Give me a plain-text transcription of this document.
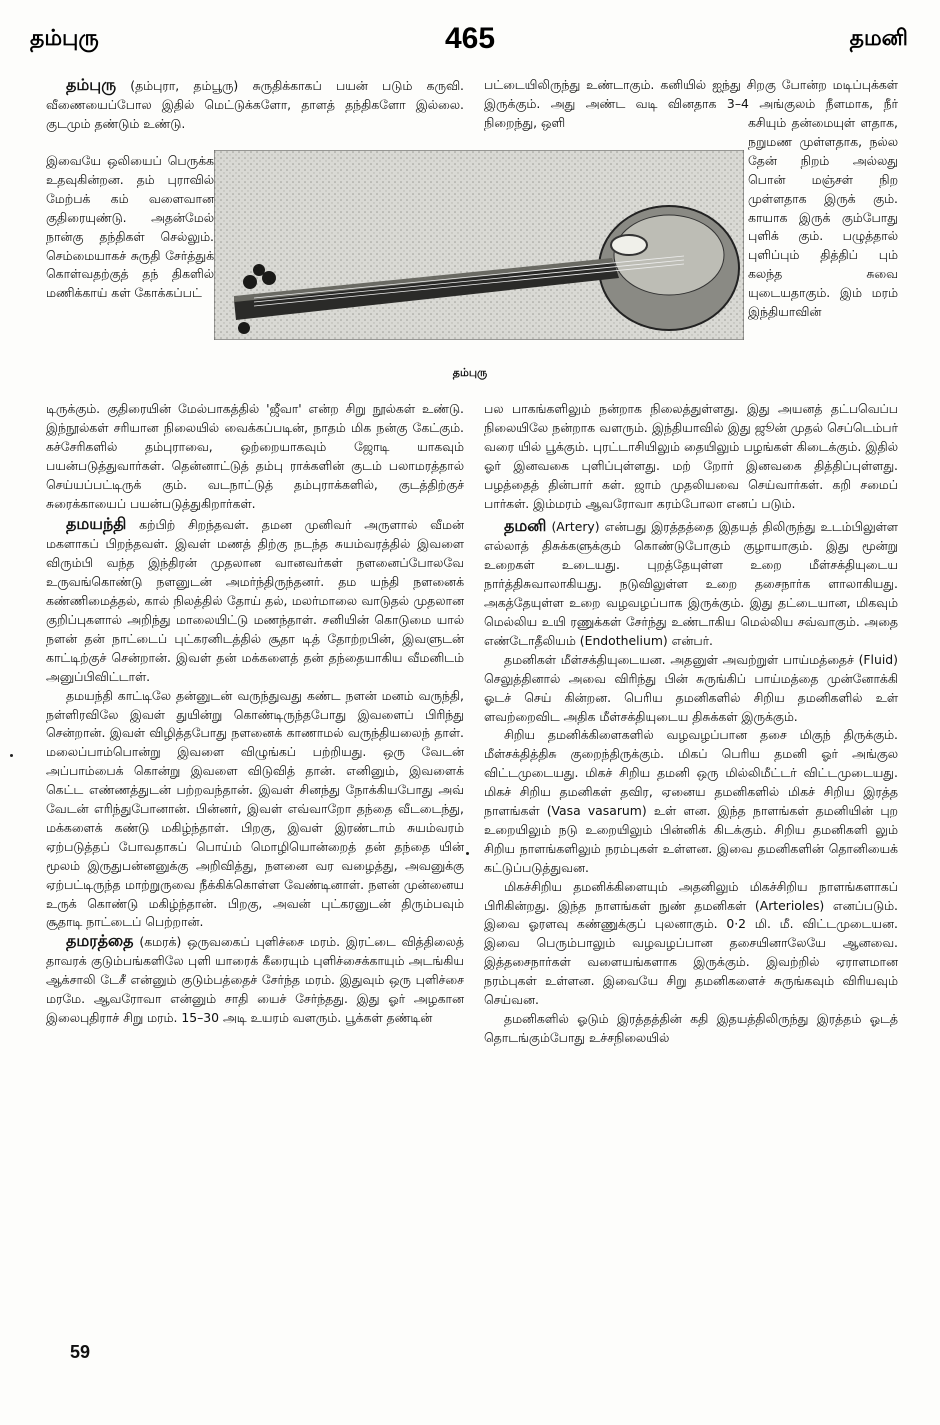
தம்புரு	465	தமனி

தம்புரு (தம்புரா, தம்பூரு) சுருதிக்காகப் பயன் படும் கருவி. வீணையைப்போல இதில் மெட்டுக்களோ, தாளத் தந்திகளோ இல்லை. குடமும் தண்டும் உண்டு.

இவையே ஒலியைப் பெருக்க உதவுகின்றன. தம் புராவில் மேற்பக் கம் வளைவான குதிரையுண்டு. அதன்மேல் நான்கு தந்திகள் செல்லும். செம்மையாகச் சுருதி சேர்த்துக் கொள்வதற்குத் தந் திகளில் மணிக்காய் கள் கோக்கப்பட்

தம்புரு

டிருக்கும். குதிரையின் மேல்பாகத்தில் 'ஜீவா' என்ற சிறு நூல்கள் உண்டு. இந்நூல்கள் சரியான நிலையில் வைக்கப்படின், நாதம் மிக நன்கு கேட்கும். கச்சேரிகளில் தம்புராவை, ஒற்றையாகவும் ஜோடி யாகவும் பயன்படுத்துவார்கள். தென்னாட்டுத் தம்பு ராக்களின் குடம் பலாமரத்தால் செய்யப்பட்டிருக் கும். வடநாட்டுத் தம்புராக்களில், குடத்திற்குச் சுரைக்காயைப் பயன்படுத்துகிறார்கள்.

தமயந்தி கற்பிற் சிறந்தவள். தமன முனிவர் அருளால் வீமன் மகளாகப் பிறந்தவள். இவள் மணத் திற்கு நடந்த சுயம்வரத்தில் இவளை விரும்பி வந்த இந்திரன் முதலான வானவர்கள் நளனைப்போலவே உருவங்கொண்டு நளனுடன் அமர்ந்திருந்தனர். தம யந்தி நளனைக் கண்ணிமைத்தல், கால் நிலத்தில் தோய் தல், மலர்மாலை வாடுதல் முதலான குறிப்புகளால் அறிந்து மாலையிட்டு மணந்தாள். சனியின் கொடுமை யால் நளன் தன் நாட்டைப் புட்கரனிடத்தில் சூதா டித் தோற்றபின், இவளுடன் காட்டிற்குச் சென்றான். இவள் தன் மக்களைத் தன் தந்தையாகிய வீமனிடம் அனுப்பிவிட்டாள்.

தமயந்தி காட்டிலே தன்னுடன் வருந்துவது கண்ட நளன் மனம் வருந்தி, நள்ளிரவிலே இவள் துயின்று கொண்டிருந்தபோது இவளைப் பிரிந்து சென்றான். இவள் விழித்தபோது நளனைக் காணாமல் வருந்தியலைந் தாள். மலைப்பாம்பொன்று இவளை விழுங்கப் பற்றியது. ஒரு வேடன் அப்பாம்பைக் கொன்று இவளை விடுவித் தான். எனினும், இவளைக் கெட்ட எண்ணத்துடன் பற்றவந்தான். இவள் சினந்து நோக்கியபோது அவ் வேடன் எரிந்துபோனான். பின்னர், இவள் எவ்வாறோ தந்தை வீடடைந்து, மக்களைக் கண்டு மகிழ்ந்தாள். பிறகு, இவள் இரண்டாம் சுயம்வரம் ஏற்படுத்தப் போவதாகப் பொய்ம் மொழியொன்றைத் தன் தந்தை யின் மூலம் இருதுபன்னனுக்கு அறிவித்து, நளனை வர வழைத்து, அவனுக்கு ஏற்பட்டிருந்த மாற்றுருவை நீக்கிக்கொள்ள வேண்டினாள். நளன் முன்னைய உருக் கொண்டு மகிழ்ந்தான். பிறகு, அவன் புட்கரனுடன் திரும்பவும் சூதாடி நாட்டைப் பெற்றான்.

தமரத்தை (கமரக்) ஒருவகைப் புளிச்சை மரம். இரட்டை வித்திலைத் தாவரக் குடும்பங்களிலே புளி யாரைக் கீரையும் புளிச்சைக்காயும் அடங்கிய ஆக்சாலி டேசீ என்னும் குடும்பத்தைச் சேர்ந்த மரம். இதுவும் ஒரு புளிச்சை மரமே. ஆவரோவா என்னும் சாதி யைச் சேர்ந்தது. இது ஓர் அழகான இலைபுதிராச் சிறு மரம். 15–30 அடி உயரம் வளரும். பூக்கள் தண்டின்

பட்டையிலிருந்து உண்டாகும். கனியில் ஐந்து சிறகு போன்ற மடிப்புக்கள் இருக்கும். அது அண்ட வடி வினதாக 3–4 அங்குலம் நீளமாக, நீர் நிறைந்து, ஒளி	கசியும் தன்மையுள் ளதாக, நறுமண முள்ளதாக, நல்ல தேன் நிறம் அல்லது பொன் மஞ்சள் நிற முள்ளதாக இருக் கும். காயாக இருக் கும்போது புளிக் கும். பழுத்தால் புளிப்பும் தித்திப் பும் கலந்த சுவை யுடையதாகும். இம் மரம் இந்தியாவின்

பல பாகங்களிலும் நன்றாக நிலைத்துள்ளது. இது அயனத் தட்பவெப்ப நிலையிலே நன்றாக வளரும். இந்தியாவில் இது ஜூன் முதல் செப்டெம்பர் வரை யில் பூக்கும். புரட்டாசியிலும் தையிலும் பழங்கள் கிடைக்கும். இதில் ஓர் இனவகை புளிப்புள்ளது. மற் றோர் இனவகை தித்திப்புள்ளது. பழத்தைத் தின்பார் கள். ஜாம் முதலியவை செய்வார்கள். கறி சமைப் பார்கள். இம்மரம் ஆவரோவா கரம்போலா எனப் படும்.

தமனி (Artery) என்பது இரத்தத்தை இதயத் திலிருந்து உடம்பிலுள்ள எல்லாத் திசுக்களுக்கும் கொண்டுபோகும் குழாயாகும். இது மூன்று உறைகள் உடையது. புறத்தேயுள்ள உறை மீள்சக்தியுடைய நார்த்திசுவாலாகியது. நடுவிலுள்ள உறை தசைநார்க ளாலாகியது. அகத்தேயுள்ள உறை வழவழப்பாக இருக்கும். இது தட்டையான, மிகவும் மெல்லிய உயி ரணுக்கள் சேர்ந்து உண்டாகிய மெல்லிய சவ்வாகும். அதை எண்டோதீலியம் (Endothelium) என்பர்.

தமனிகள் மீள்சக்தியுடையன. அதனுள் அவற்றுள் பாய்மத்தைச் (Fluid) செலுத்தினால் அவை விரிந்து பின் சுருங்கிப் பாய்மத்தை முன்னோக்கி ஓடச் செய் கின்றன. பெரிய தமனிகளில் சிறிய தமனிகளில் உள் ளவற்றைவிட அதிக மீள்சக்தியுடைய திசுக்கள் இருக்கும்.

சிறிய தமனிக்கிளைகளில் வழவழப்பான தசை மிகுந் திருக்கும். மீள்சக்தித்திசு குறைந்திருக்கும். மிகப் பெரிய தமனி ஓர் அங்குல விட்டமுடையது. மிகச் சிறிய தமனி ஒரு மில்லிமீட்டர் விட்டமுடையது. மிகச் சிறிய தமனிகள் தவிர, ஏனைய தமனிகளில் மிகச் சிறிய இரத்த நாளங்கள் (Vasa vasarum) உள் ளன. இந்த நாளங்கள் தமனியின் புற உறையிலும் நடு உறையிலும் பின்னிக் கிடக்கும். சிறிய தமனிகளி லும் சிறிய நாளங்களிலும் நரம்புகள் உள்ளன. இவை தமனிகளின் தொனியைக் கட்டுப்படுத்துவன.

மிகச்சிறிய தமனிக்கிளையும் அதனிலும் மிகச்சிறிய நாளங்களாகப் பிரிகின்றது. இந்த நாளங்கள் நுண் தமனிகள் (Arterioles) எனப்படும். இவை ஓரளவு கண்ணுக்குப் புலனாகும். 0·2 மி. மீ. விட்டமுடையன. இவை பெரும்பாலும் வழவழப்பான தசையினாலேயே ஆனவை. இத்தசைநார்கள் வளையங்களாக இருக்கும். இவற்றில் ஏராளமான நரம்புகள் உள்ளன. இவையே சிறு தமனிகளைச் சுருங்கவும் விரியவும் செய்வன.

தமனிகளில் ஓடும் இரத்தத்தின் கதி இதயத்திலிருந்து இரத்தம் ஓடத் தொடங்கும்போது உச்சநிலையில்

59
